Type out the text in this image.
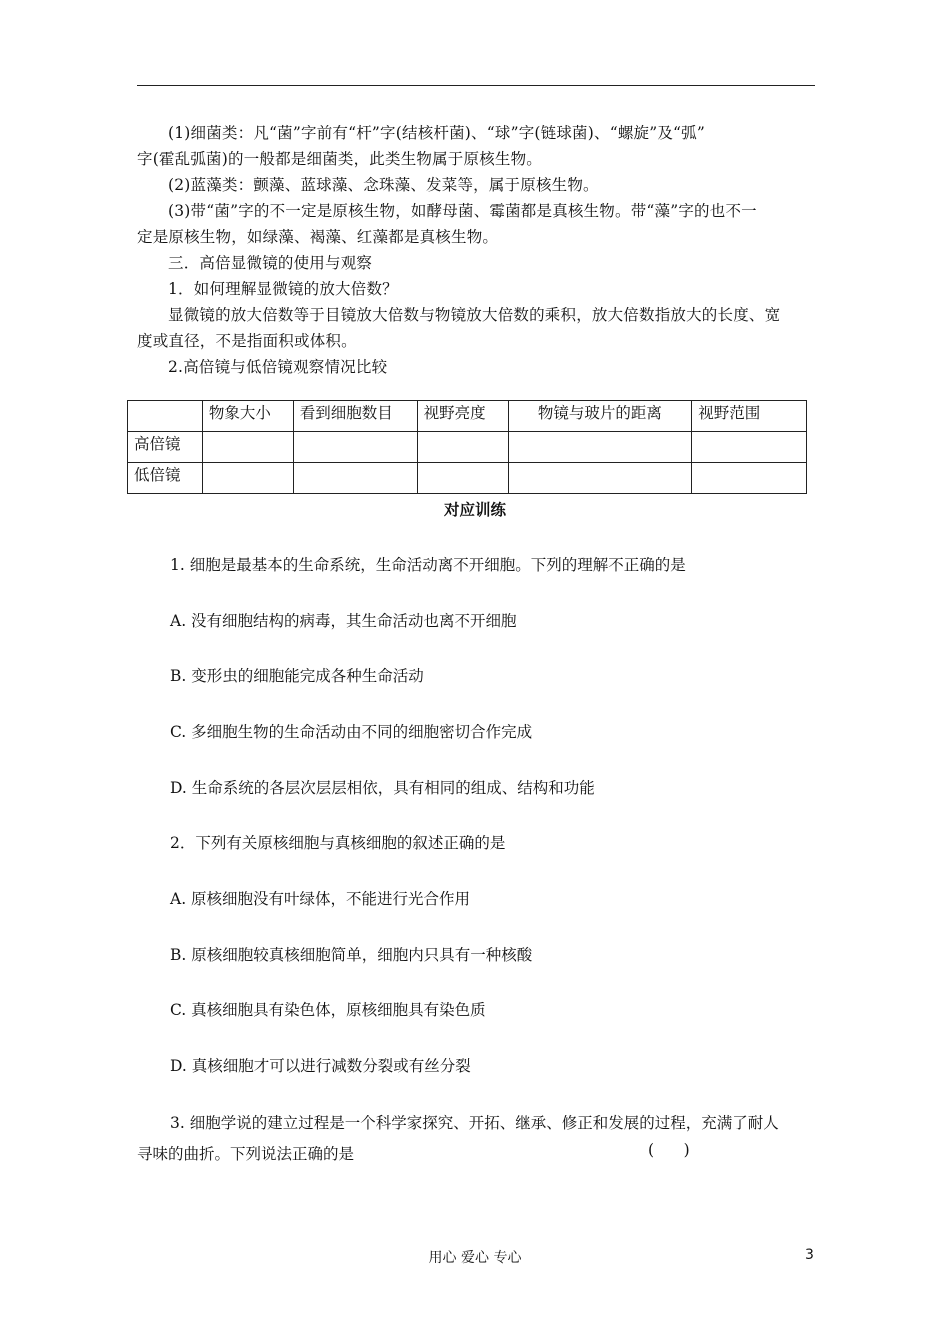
(1)细菌类：凡“菌”字前有“杆”字(结核杆菌)、“球”字(链球菌)、“螺旋”及“弧”
字(霍乱弧菌)的一般都是细菌类，此类生物属于原核生物。
(2)蓝藻类：颤藻、蓝球藻、念珠藻、发菜等，属于原核生物。
(3)带“菌”字的不一定是原核生物，如酵母菌、霉菌都是真核生物。带“藻”字的也不一
定是原核生物，如绿藻、褐藻、红藻都是真核生物。
三．高倍显微镜的使用与观察
1．如何理解显微镜的放大倍数？
显微镜的放大倍数等于目镜放大倍数与物镜放大倍数的乘积，放大倍数指放大的长度、宽
度或直径，不是指面积或体积。
2.高倍镜与低倍镜观察情况比较
	物象大小	看到细胞数目	视野亮度	物镜与玻片的距离	视野范围
高倍镜					
低倍镜					
对应训练
1. 细胞是最基本的生命系统，生命活动离不开细胞。下列的理解不正确的是
A. 没有细胞结构的病毒，其生命活动也离不开细胞
B. 变形虫的细胞能完成各种生命活动
C. 多细胞生物的生命活动由不同的细胞密切合作完成
D. 生命系统的各层次层层相依，具有相同的组成、结构和功能
2．下列有关原核细胞与真核细胞的叙述正确的是
A. 原核细胞没有叶绿体，不能进行光合作用
B. 原核细胞较真核细胞简单，细胞内只具有一种核酸
C. 真核细胞具有染色体，原核细胞具有染色质
D. 真核细胞才可以进行减数分裂或有丝分裂
3. 细胞学说的建立过程是一个科学家探究、开拓、继承、修正和发展的过程，充满了耐人
寻味的曲折。下列说法正确的是	(      )
用心 爱心 专心	3
